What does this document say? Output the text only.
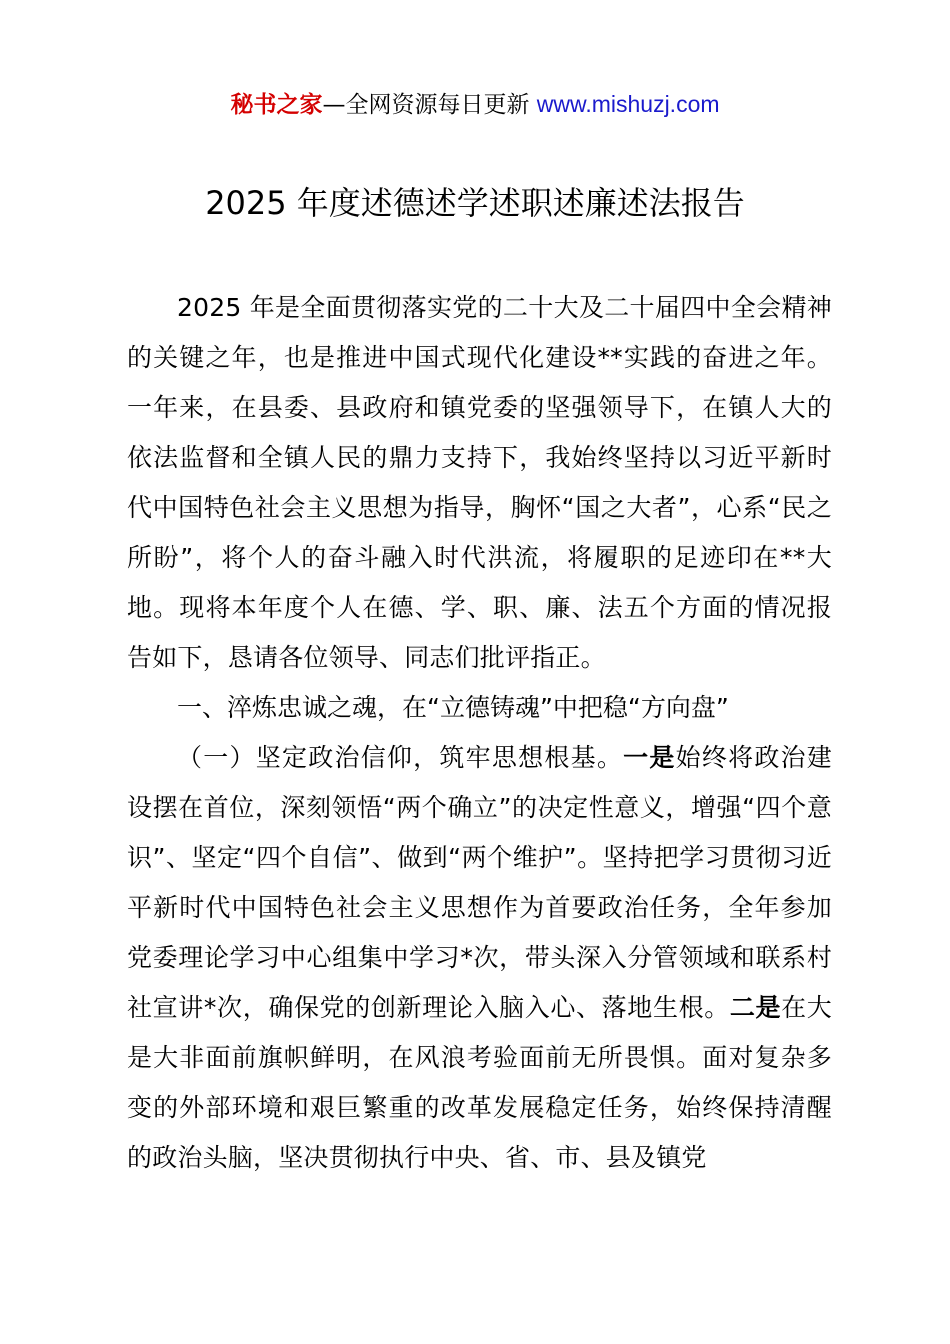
秘书之家—全网资源每日更新 www.mishuzj.com
2025 年度述德述学述职述廉述法报告

2025 年是全面贯彻落实党的二十大及二十届四中全会精神的关键之年，也是推进中国式现代化建设**实践的奋进之年。一年来，在县委、县政府和镇党委的坚强领导下，在镇人大的依法监督和全镇人民的鼎力支持下，我始终坚持以习近平新时代中国特色社会主义思想为指导，胸怀“国之大者”，心系“民之所盼”，将个人的奋斗融入时代洪流，将履职的足迹印在**大地。现将本年度个人在德、学、职、廉、法五个方面的情况报告如下，恳请各位领导、同志们批评指正。

一、淬炼忠诚之魂，在“立德铸魂”中把稳“方向盘”

（一）坚定政治信仰，筑牢思想根基。一是始终将政治建设摆在首位，深刻领悟“两个确立”的决定性意义，增强“四个意识”、坚定“四个自信”、做到“两个维护”。坚持把学习贯彻习近平新时代中国特色社会主义思想作为首要政治任务，全年参加党委理论学习中心组集中学习*次，带头深入分管领域和联系村社宣讲*次，确保党的创新理论入脑入心、落地生根。二是在大是大非面前旗帜鲜明，在风浪考验面前无所畏惧。面对复杂多变的外部环境和艰巨繁重的改革发展稳定任务，始终保持清醒的政治头脑，坚决贯彻执行中央、省、市、县及镇党
